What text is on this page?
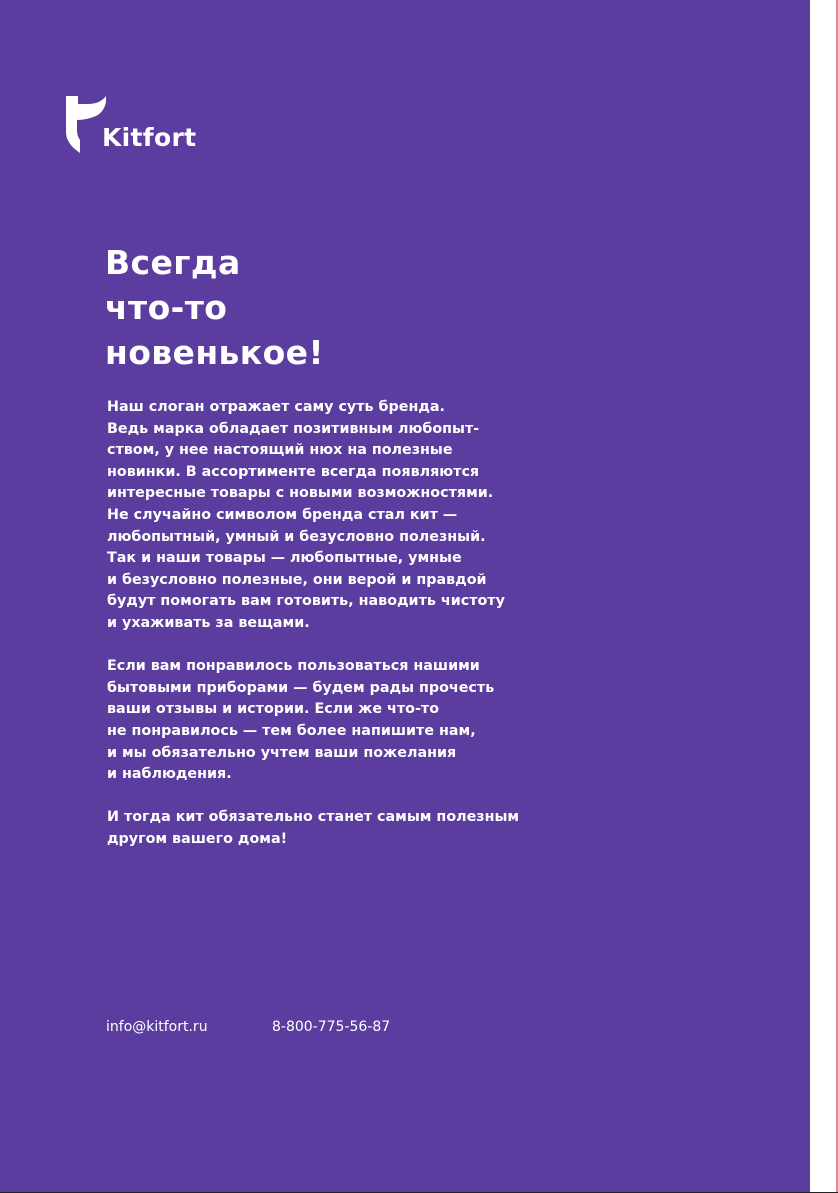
Kitfort
Всегда
что-то
новенькое!

Наш слоган отражает саму суть бренда.
Ведь марка обладает позитивным любопыт-
ством, у нее настоящий нюх на полезные
новинки. В ассортименте всегда появляются
интересные товары с новыми возможностями.
Не случайно символом бренда стал кит —
любопытный, умный и безусловно полезный.
Так и наши товары — любопытные, умные
и безусловно полезные, они верой и правдой
будут помогать вам готовить, наводить чистоту
и ухаживать за вещами.

Если вам понравилось пользоваться нашими
бытовыми приборами — будем рады прочесть
ваши отзывы и истории. Если же что-то
не понравилось — тем более напишите нам,
и мы обязательно учтем ваши пожелания
и наблюдения.

И тогда кит обязательно станет самым полезным
другом вашего дома!

info@kitfort.ru	8-800-775-56-87
